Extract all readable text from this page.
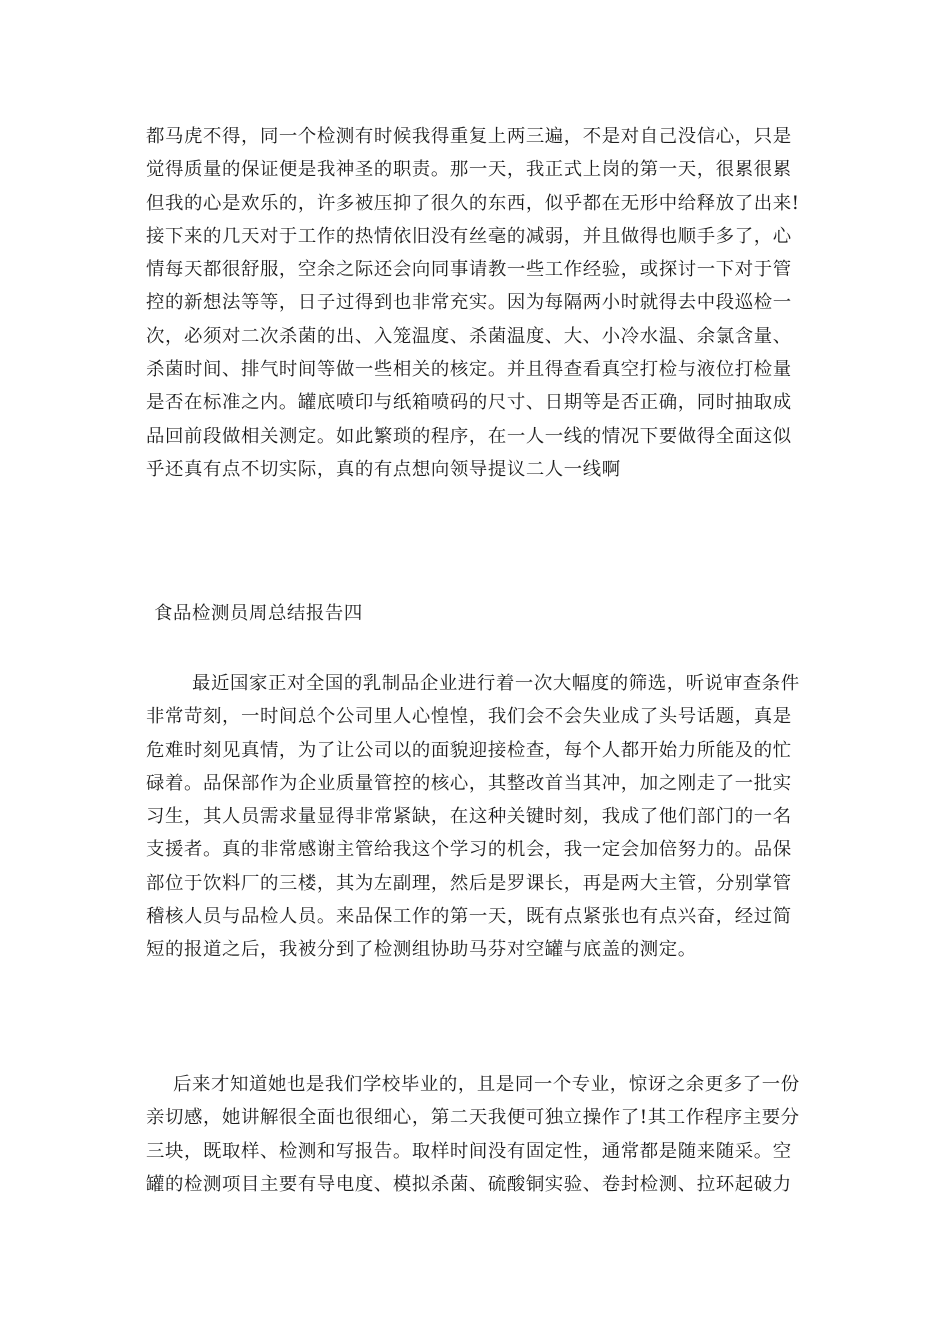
都马虎不得，同一个检测有时候我得重复上两三遍，不是对自己没信心，只是
觉得质量的保证便是我神圣的职责。那一天，我正式上岗的第一天，很累很累
但我的心是欢乐的，许多被压抑了很久的东西，似乎都在无形中给释放了出来!
接下来的几天对于工作的热情依旧没有丝毫的减弱，并且做得也顺手多了，心
情每天都很舒服，空余之际还会向同事请教一些工作经验，或探讨一下对于管
控的新想法等等，日子过得到也非常充实。因为每隔两小时就得去中段巡检一
次，必须对二次杀菌的出、入笼温度、杀菌温度、大、小冷水温、余氯含量、
杀菌时间、排气时间等做一些相关的核定。并且得查看真空打检与液位打检量
是否在标准之内。罐底喷印与纸箱喷码的尺寸、日期等是否正确，同时抽取成
品回前段做相关测定。如此繁琐的程序，在一人一线的情况下要做得全面这似
乎还真有点不切实际，真的有点想向领导提议二人一线啊
食品检测员周总结报告四
最近国家正对全国的乳制品企业进行着一次大幅度的筛选，听说审查条件
非常苛刻，一时间总个公司里人心惶惶，我们会不会失业成了头号话题，真是
危难时刻见真情，为了让公司以的面貌迎接检查，每个人都开始力所能及的忙
碌着。品保部作为企业质量管控的核心，其整改首当其冲，加之刚走了一批实
习生，其人员需求量显得非常紧缺，在这种关键时刻，我成了他们部门的一名
支援者。真的非常感谢主管给我这个学习的机会，我一定会加倍努力的。品保
部位于饮料厂的三楼，其为左副理，然后是罗课长，再是两大主管，分别掌管
稽核人员与品检人员。来品保工作的第一天，既有点紧张也有点兴奋，经过简
短的报道之后，我被分到了检测组协助马芬对空罐与底盖的测定。
后来才知道她也是我们学校毕业的，且是同一个专业，惊讶之余更多了一份
亲切感，她讲解很全面也很细心，第二天我便可独立操作了!其工作程序主要分
三块，既取样、检测和写报告。取样时间没有固定性，通常都是随来随采。空
罐的检测项目主要有导电度、模拟杀菌、硫酸铜实验、卷封检测、拉环起破力
